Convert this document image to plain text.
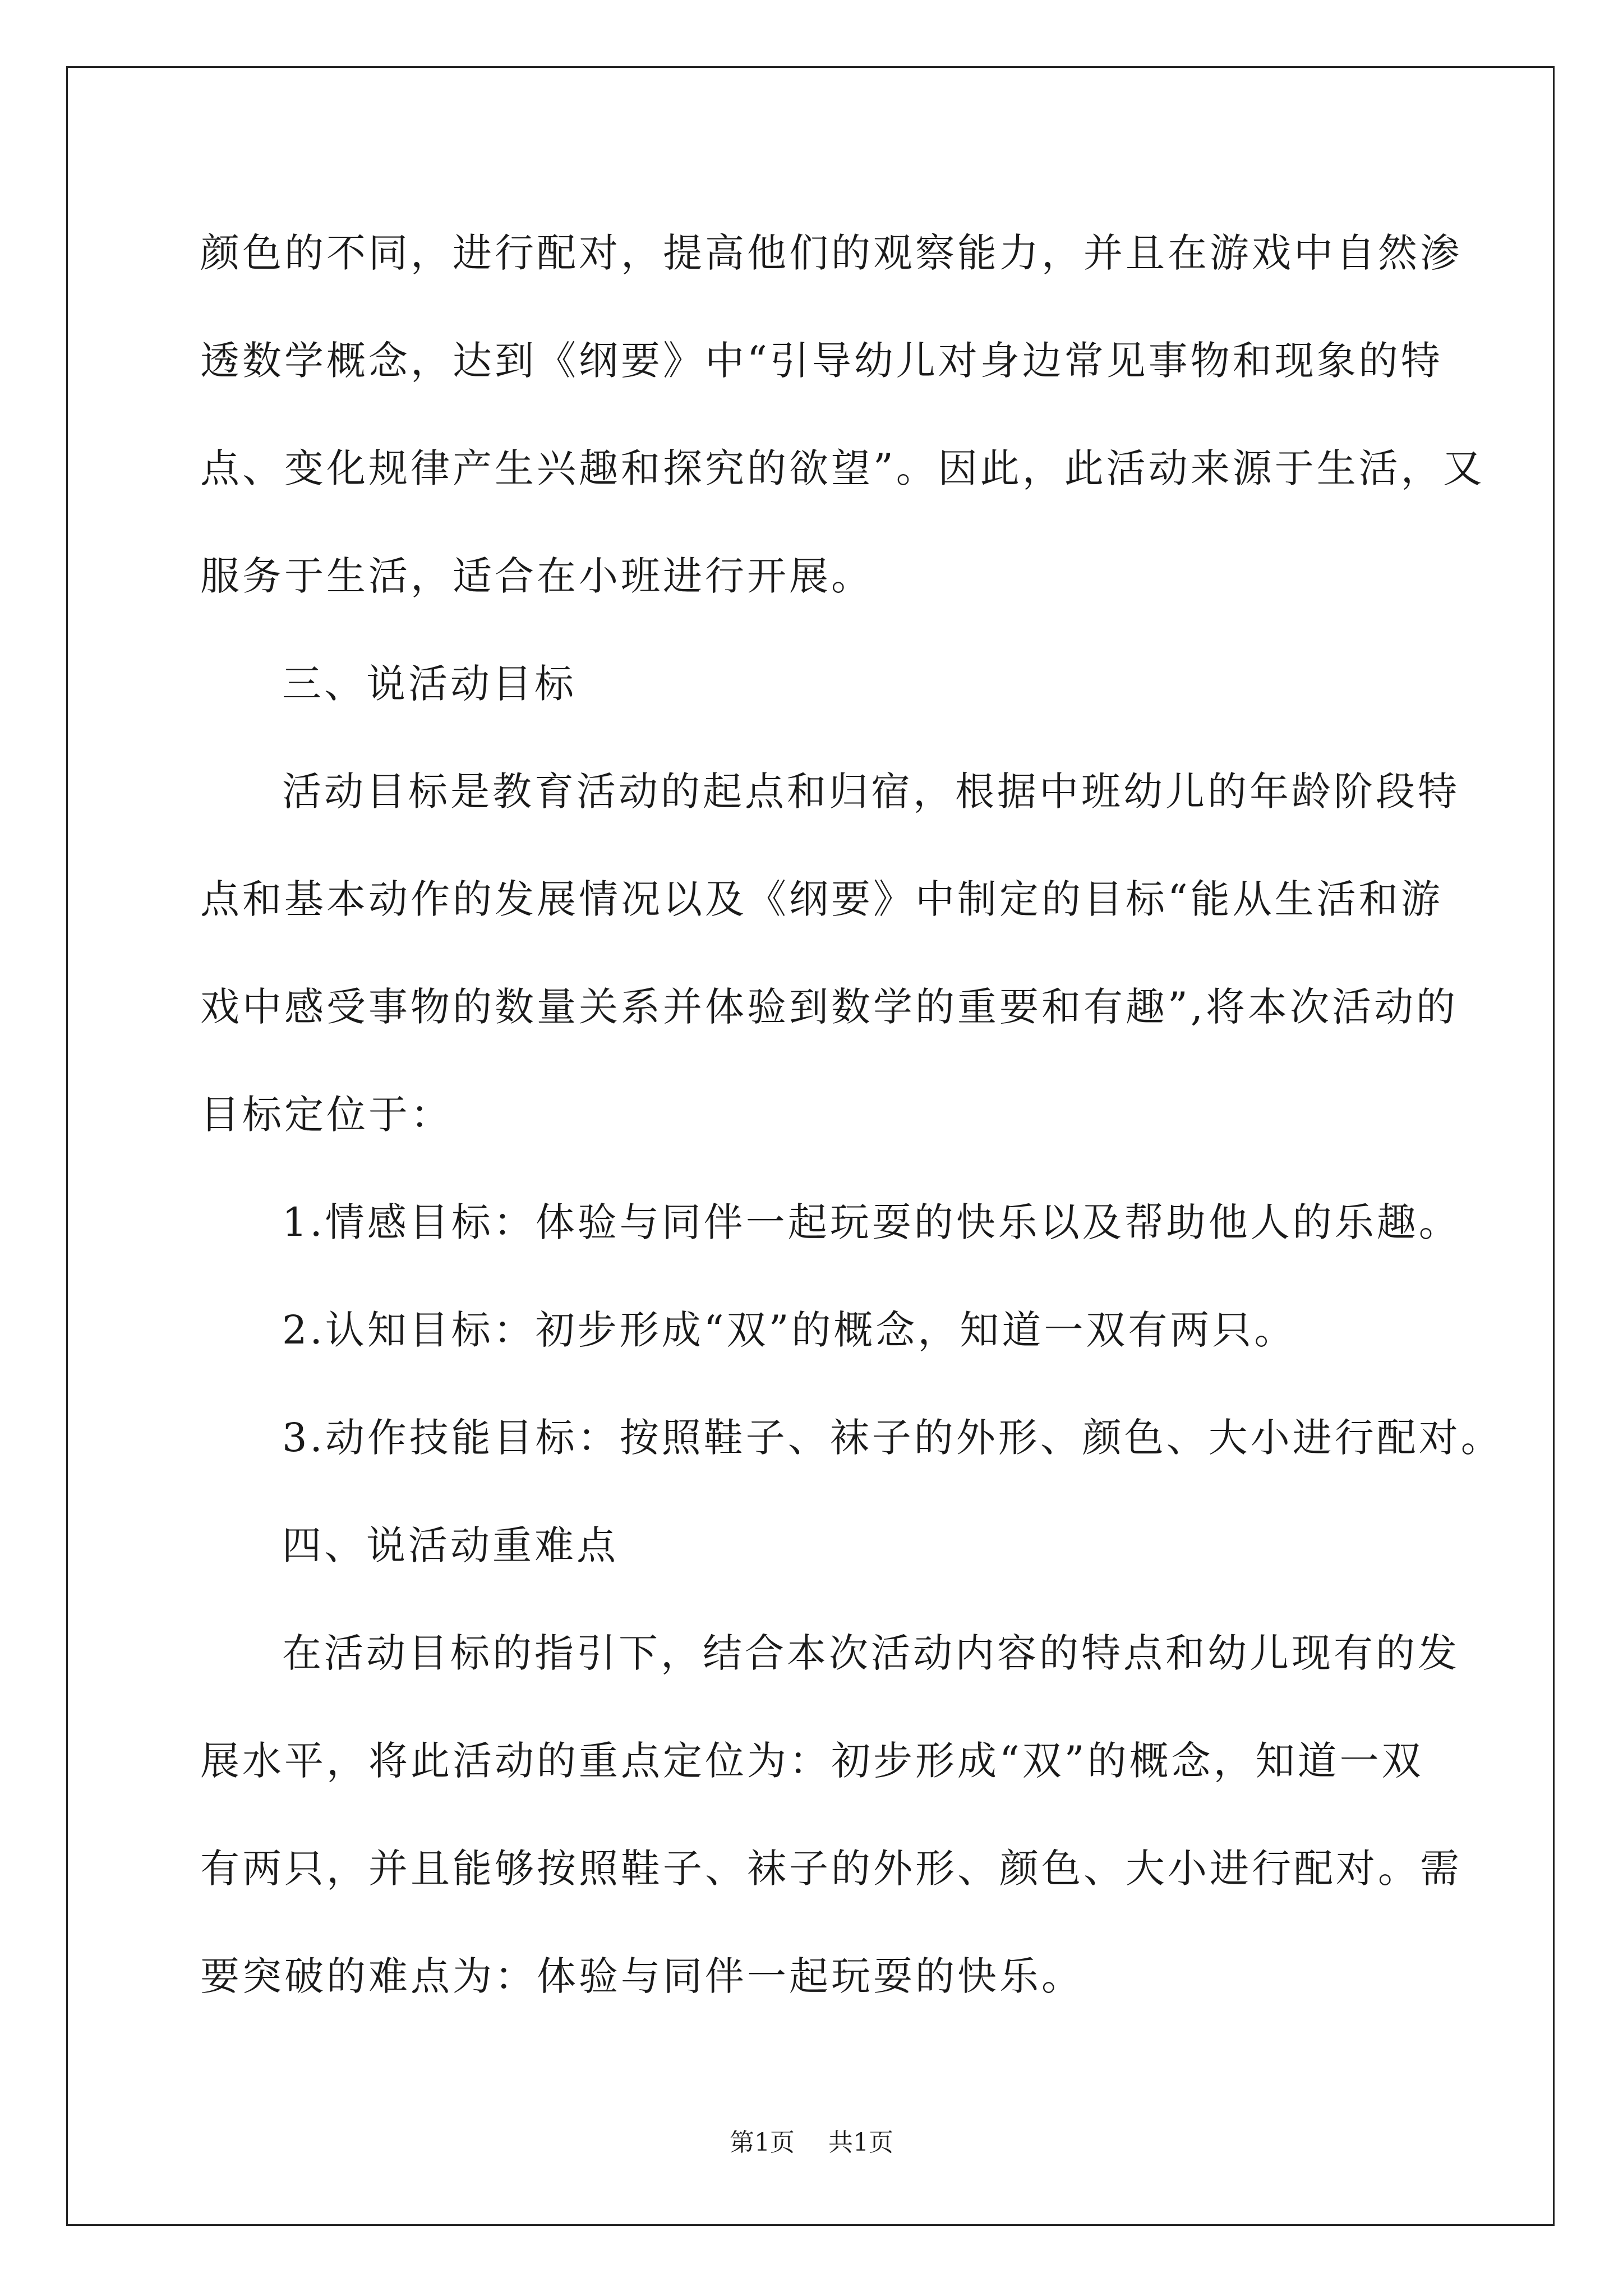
颜色的不同，进行配对，提高他们的观察能力，并且在游戏中自然渗
透数学概念，达到《纲要》中“引导幼儿对身边常见事物和现象的特
点、变化规律产生兴趣和探究的欲望”。因此，此活动来源于生活，又
服务于生活，适合在小班进行开展。
三、说活动目标
活动目标是教育活动的起点和归宿，根据中班幼儿的年龄阶段特
点和基本动作的发展情况以及《纲要》中制定的目标“能从生活和游
戏中感受事物的数量关系并体验到数学的重要和有趣”,将本次活动的
目标定位于：
1.情感目标：体验与同伴一起玩耍的快乐以及帮助他人的乐趣。
2.认知目标：初步形成“双”的概念，知道一双有两只。
3.动作技能目标：按照鞋子、袜子的外形、颜色、大小进行配对。
四、说活动重难点
在活动目标的指引下，结合本次活动内容的特点和幼儿现有的发
展水平，将此活动的重点定位为：初步形成“双”的概念，知道一双
有两只，并且能够按照鞋子、袜子的外形、颜色、大小进行配对。需
要突破的难点为：体验与同伴一起玩耍的快乐。
第1页 共1页
